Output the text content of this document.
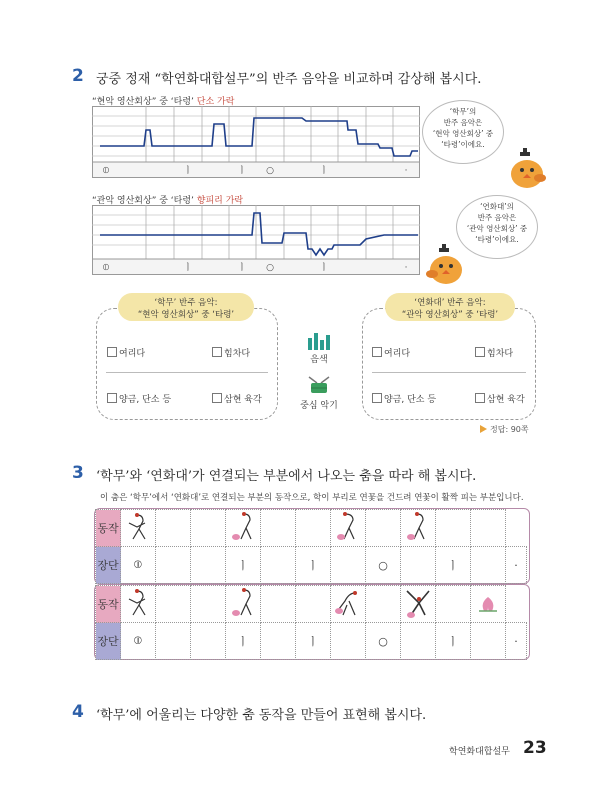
2 궁중 정재 “학연화대합설무”의 반주 음악을 비교하며 감상해 봅시다.
“현악 영산회상” 중 ‘타령’ 단소 가락
⦶	ㅣ	ㅣ ○	ㅣ	·
‘학무’의
반주 음악은
‘현악 영산회상’ 중
‘타령’이에요.
“관악 영산회상” 중 ‘타령’ 향피리 가락
⦶	ㅣ	ㅣ ○	ㅣ	·
‘연화대’의
반주 음악은
‘관악 영산회상’ 중
‘타령’이에요.
‘학무’ 반주 음악:
“현악 영산회상” 중 ‘타령’
여리다	힘차다
양금, 단소 등	삼현 육각
음색
중심 악기
‘연화대’ 반주 음악:
“관악 영산회상” 중 ‘타령’
여리다	힘차다
양금, 단소 등	삼현 육각
정답: 90쪽
3 ‘학무’와 ‘연화대’가 연결되는 부분에서 나오는 춤을 따라 해 봅시다.
이 춤은 ‘학무’에서 ‘연화대’로 연결되는 부분의 동작으로, 학이 부리로 연꽃을 건드려 연꽃이 활짝 피는 부분입니다.
동작											
장단	⦶			ㅣ		ㅣ		○		ㅣ		·
동작											
장단	⦶			ㅣ		ㅣ		○		ㅣ		·
4 ‘학무’에 어울리는 다양한 춤 동작을 만들어 표현해 봅시다.
학연화대합설무 23
